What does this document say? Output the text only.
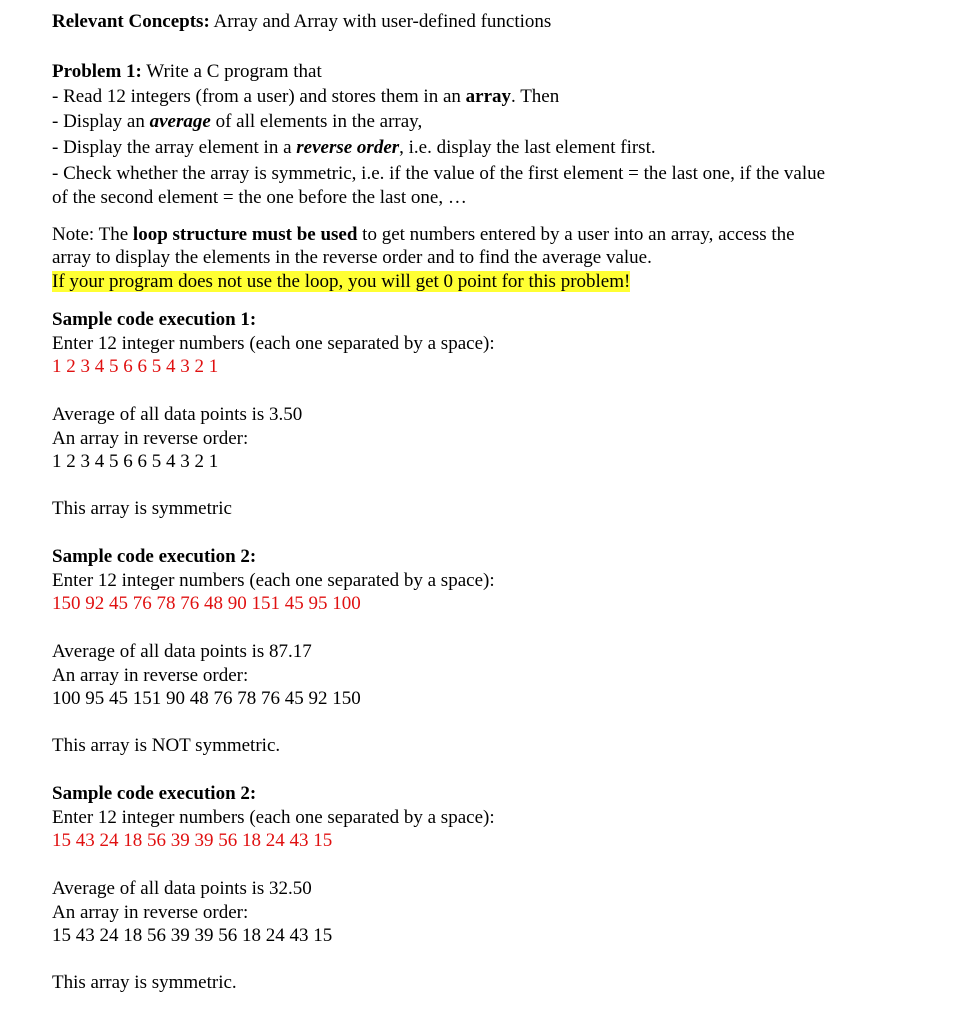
Relevant Concepts: Array and Array with user-defined functions
Problem 1: Write a C program that
- Read 12 integers (from a user) and stores them in an array. Then
- Display an average of all elements in the array,
- Display the array element in a reverse order, i.e. display the last element first.
- Check whether the array is symmetric, i.e. if the value of the first element = the last one, if the value
of the second element = the one before the last one, …
Note: The loop structure must be used to get numbers entered by a user into an array, access the
array to display the elements in the reverse order and to find the average value.
If your program does not use the loop, you will get 0 point for this problem!
Sample code execution 1:
Enter 12 integer numbers (each one separated by a space):
1 2 3 4 5 6 6 5 4 3 2 1
Average of all data points is 3.50
An array in reverse order:
1 2 3 4 5 6 6 5 4 3 2 1
This array is symmetric
Sample code execution 2:
Enter 12 integer numbers (each one separated by a space):
150 92 45 76 78 76 48 90 151 45 95 100
Average of all data points is 87.17
An array in reverse order:
100 95 45 151 90 48 76 78 76 45 92 150
This array is NOT symmetric.
Sample code execution 2:
Enter 12 integer numbers (each one separated by a space):
15 43 24 18 56 39 39 56 18 24 43 15
Average of all data points is 32.50
An array in reverse order:
15 43 24 18 56 39 39 56 18 24 43 15
This array is symmetric.
